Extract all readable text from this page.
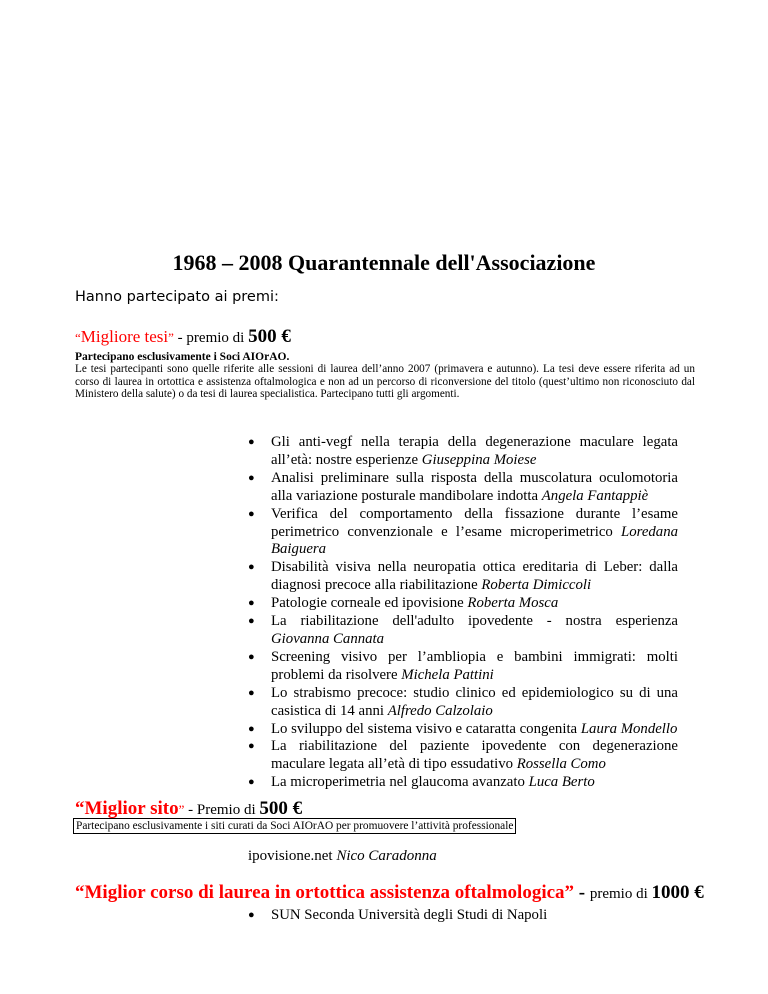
1968 – 2008 Quarantennale dell'Associazione
Hanno partecipato ai premi:
“Migliore tesi” - premio di 500 €
Partecipano esclusivamente i Soci AIOrAO.
Le tesi partecipanti sono quelle riferite alle sessioni di laurea dell’anno 2007 (primavera e autunno). La tesi deve essere riferita ad un corso di laurea in ortottica e assistenza oftalmologica e non ad un percorso di riconversione del titolo (quest’ultimo non riconosciuto dal Ministero della salute) o da tesi di laurea specialistica. Partecipano tutti gli argomenti.
● Gli anti-vegf nella terapia della degenerazione maculare legata all’età: nostre esperienze Giuseppina Moiese
● Analisi preliminare sulla risposta della muscolatura oculomotoria alla variazione posturale mandibolare indotta Angela Fantappiè
● Verifica del comportamento della fissazione durante l’esame perimetrico convenzionale e l’esame microperimetrico Loredana Baiguera
● Disabilità visiva nella neuropatia ottica ereditaria di Leber: dalla diagnosi precoce alla riabilitazione Roberta Dimiccoli
● Patologie corneale ed ipovisione Roberta Mosca
● La riabilitazione dell'adulto ipovedente - nostra esperienza Giovanna Cannata
● Screening visivo per l’ambliopia e bambini immigrati: molti problemi da risolvere Michela Pattini
● Lo strabismo precoce: studio clinico ed epidemiologico su di una casistica di 14 anni Alfredo Calzolaio
● Lo sviluppo del sistema visivo e cataratta congenita Laura Mondello
● La riabilitazione del paziente ipovedente con degenerazione maculare legata all’età di tipo essudativo Rossella Como
● La microperimetria nel glaucoma avanzato Luca Berto
“Miglior sito” - Premio di 500 €
Partecipano esclusivamente i siti curati da Soci AIOrAO per promuovere l’attività professionale
ipovisione.net Nico Caradonna
“Miglior corso di laurea in ortottica assistenza oftalmologica” - premio di 1000 €
● SUN Seconda Università degli Studi di Napoli
